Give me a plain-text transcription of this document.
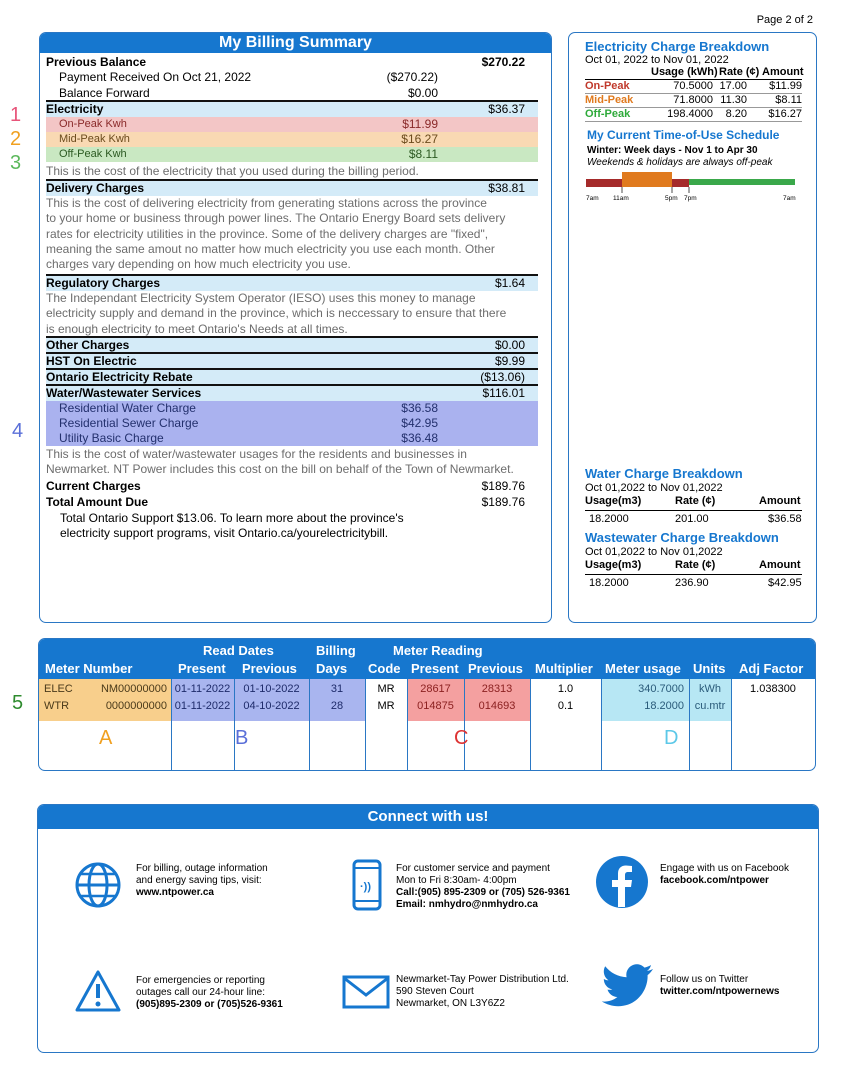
Page 2 of 2
1
2
3
4
5
My Billing Summary
Previous Balance	$270.22
Payment Received On Oct 21, 2022	($270.22)
Balance Forward	$0.00
Electricity	$36.37
On-Peak Kwh	$11.99
Mid-Peak Kwh	$16.27
Off-Peak Kwh	$8.11
This is the cost of the electricity that you used during the billing period.
Delivery Charges	$38.81
This is the cost of delivering electricity from generating stations across the province
to your home or business through power lines. The Ontario Energy Board sets delivery
rates for electricity utilities in the province. Some of the delivery charges are "fixed",
meaning the same amout no matter how much electricity you use each month. Other
charges vary depending on how much electricity you use.
Regulatory Charges	$1.64
The Independant Electricity System Operator (IESO) uses this money to manage
electricity supply and demand in the province, which is neccessary to ensure that there
is enough electricity to meet Ontario's Needs at all times.
Other Charges	$0.00
HST On Electric	$9.99
Ontario Electricity Rebate	($13.06)
Water/Wastewater Services	$116.01
Residential Water Charge	$36.58
Residential Sewer Charge	$42.95
Utility Basic Charge	$36.48
This is the cost of water/wastewater usages for the residents and businesses in
Newmarket. NT Power includes this cost on the bill on behalf of the Town of Newmarket.
Current Charges	$189.76
Total Amount Due	$189.76
Total Ontario Support $13.06. To learn more about the province's
electricity support programs, visit Ontario.ca/yourelectricitybill.
Electricity Charge Breakdown
Oct 01, 2022 to Nov 01, 2022
Usage (kWh) Rate (¢) Amount
On-Peak	70.5000 17.00	$11.99
Mid-Peak	71.8000 11.30	$8.11
Off-Peak	198.4000	8.20	$16.27
My Current Time-of-Use Schedule
Winter: Week days - Nov 1 to Apr 30
Weekends & holidays are always off-peak
7am 11am	5pm 7pm	7am
Water Charge Breakdown
Oct 01,2022 to Nov 01,2022
Usage(m3)	Rate (¢)	Amount
18.2000	201.00	$36.58
Wastewater Charge Breakdown
Oct 01,2022 to Nov 01,2022
Usage(m3)	Rate (¢)	Amount
18.2000	236.90	$42.95
Meter Number
Read Dates
Present Previous
Billing
Days
Meter Reading
Code Present Previous Multiplier Meter usage Units Adj Factor
ELEC	NM00000000 01-11-2022	01-10-2022	31	MR	28617	28313	1.0	340.7000	kWh	1.038300
WTR	0000000000 01-11-2022	04-10-2022	28	MR	014875	014693	0.1	18.2000 cu.mtr
A	B	C	D
Connect with us!
For billing, outage information
and energy saving tips, visit:
www.ntpower.ca	·))
For customer service and payment
Mon to Fri 8:30am- 4:00pm
Call:(905) 895-2309 or (705) 526-9361
Email: nmhydro@nmhydro.ca
Engage with us on Facebook
facebook.com/ntpower
For emergencies or reporting
outages call our 24-hour line:
(905)895-2309 or (705)526-9361
Newmarket-Tay Power Distribution Ltd.
590 Steven Court
Newmarket, ON L3Y6Z2
Follow us on Twitter
twitter.com/ntpowernews
